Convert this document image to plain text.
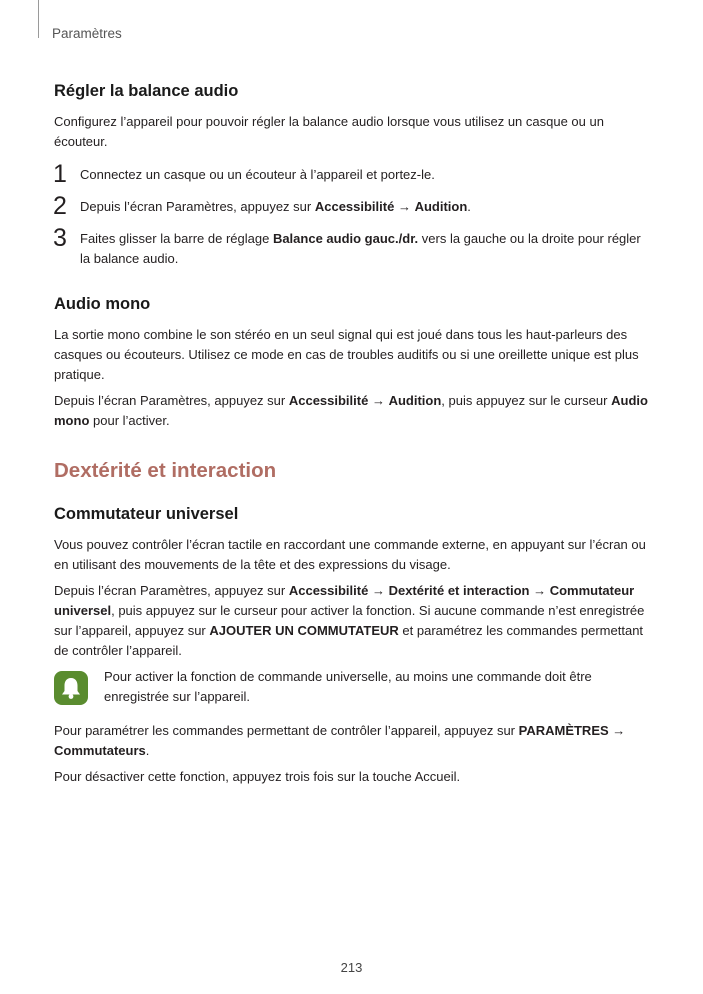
Paramètres
Régler la balance audio

Configurez l’appareil pour pouvoir régler la balance audio lorsque vous utilisez un casque ou un écouteur.

1 Connectez un casque ou un écouteur à l’appareil et portez-le.
2 Depuis l’écran Paramètres, appuyez sur Accessibilité → Audition.
3 Faites glisser la barre de réglage Balance audio gauc./dr. vers la gauche ou la droite pour régler la balance audio.
Audio mono

La sortie mono combine le son stéréo en un seul signal qui est joué dans tous les haut-parleurs des casques ou écouteurs. Utilisez ce mode en cas de troubles auditifs ou si une oreillette unique est plus pratique.

Depuis l’écran Paramètres, appuyez sur Accessibilité → Audition, puis appuyez sur le curseur Audio mono pour l’activer.

Dextérité et interaction
Commutateur universel

Vous pouvez contrôler l’écran tactile en raccordant une commande externe, en appuyant sur l’écran ou en utilisant des mouvements de la tête et des expressions du visage.

Depuis l’écran Paramètres, appuyez sur Accessibilité → Dextérité et interaction → Commutateur universel, puis appuyez sur le curseur pour activer la fonction. Si aucune commande n’est enregistrée sur l’appareil, appuyez sur AJOUTER UN COMMUTATEUR et paramétrez les commandes permettant de contrôler l’appareil.

Pour activer la fonction de commande universelle, au moins une commande doit être enregistrée sur l’appareil.

Pour paramétrer les commandes permettant de contrôler l’appareil, appuyez sur PARAMÈTRES → Commutateurs.

Pour désactiver cette fonction, appuyez trois fois sur la touche Accueil.

213
